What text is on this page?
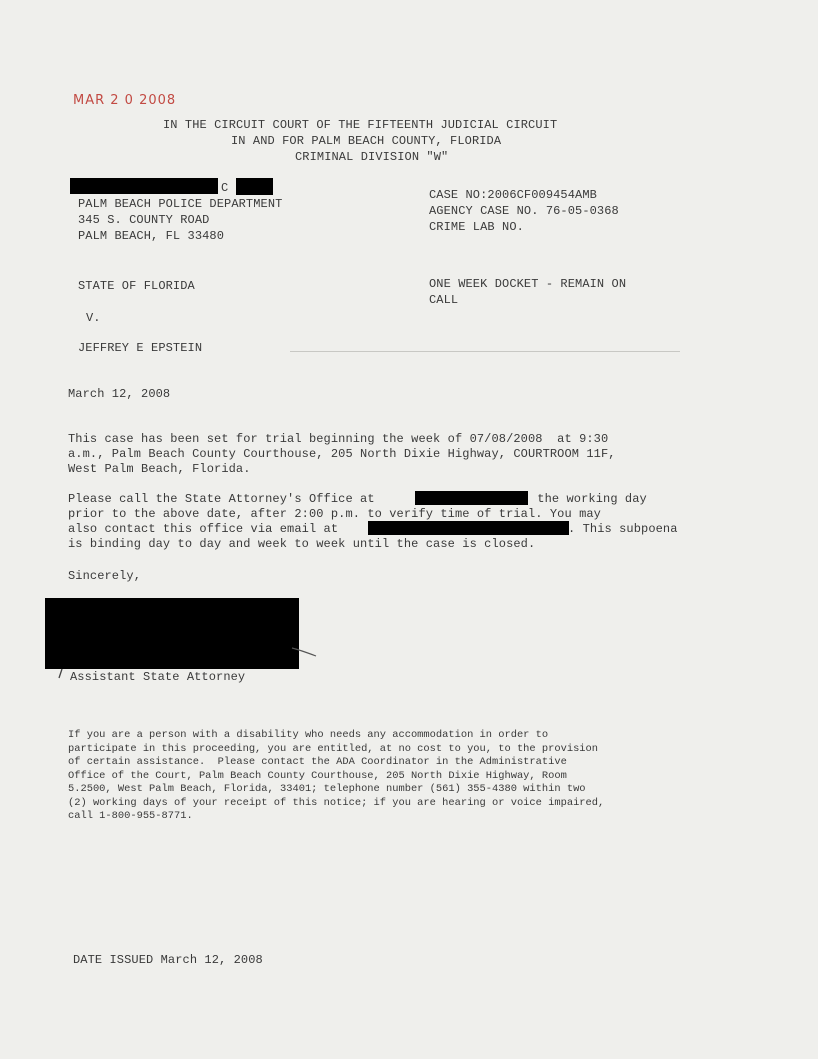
MAR 2 0 2008
IN THE CIRCUIT COURT OF THE FIFTEENTH JUDICIAL CIRCUIT
IN AND FOR PALM BEACH COUNTY, FLORIDA
CRIMINAL DIVISION "W"
C
PALM BEACH POLICE DEPARTMENT
345 S. COUNTY ROAD
PALM BEACH, FL 33480
CASE NO:2006CF009454AMB
AGENCY CASE NO. 76-05-0368
CRIME LAB NO.
STATE OF FLORIDA
V.
JEFFREY E EPSTEIN
ONE WEEK DOCKET - REMAIN ON
CALL
March 12, 2008
This case has been set for trial beginning the week of 07/08/2008  at 9:30
a.m., Palm Beach County Courthouse, 205 North Dixie Highway, COURTROOM 11F,
West Palm Beach, Florida.
Please call the State Attorney's Office at	the working day
prior to the above date, after 2:00 p.m. to verify time of trial. You may
also contact this office via email at	. This subpoena
is binding day to day and week to week until the case is closed.
Sincerely,
Assistant State Attorney
If you are a person with a disability who needs any accommodation in order to
participate in this proceeding, you are entitled, at no cost to you, to the provision
of certain assistance.  Please contact the ADA Coordinator in the Administrative
Office of the Court, Palm Beach County Courthouse, 205 North Dixie Highway, Room
5.2500, West Palm Beach, Florida, 33401; telephone number (561) 355-4380 within two
(2) working days of your receipt of this notice; if you are hearing or voice impaired,
call 1-800-955-8771.
DATE ISSUED March 12, 2008
